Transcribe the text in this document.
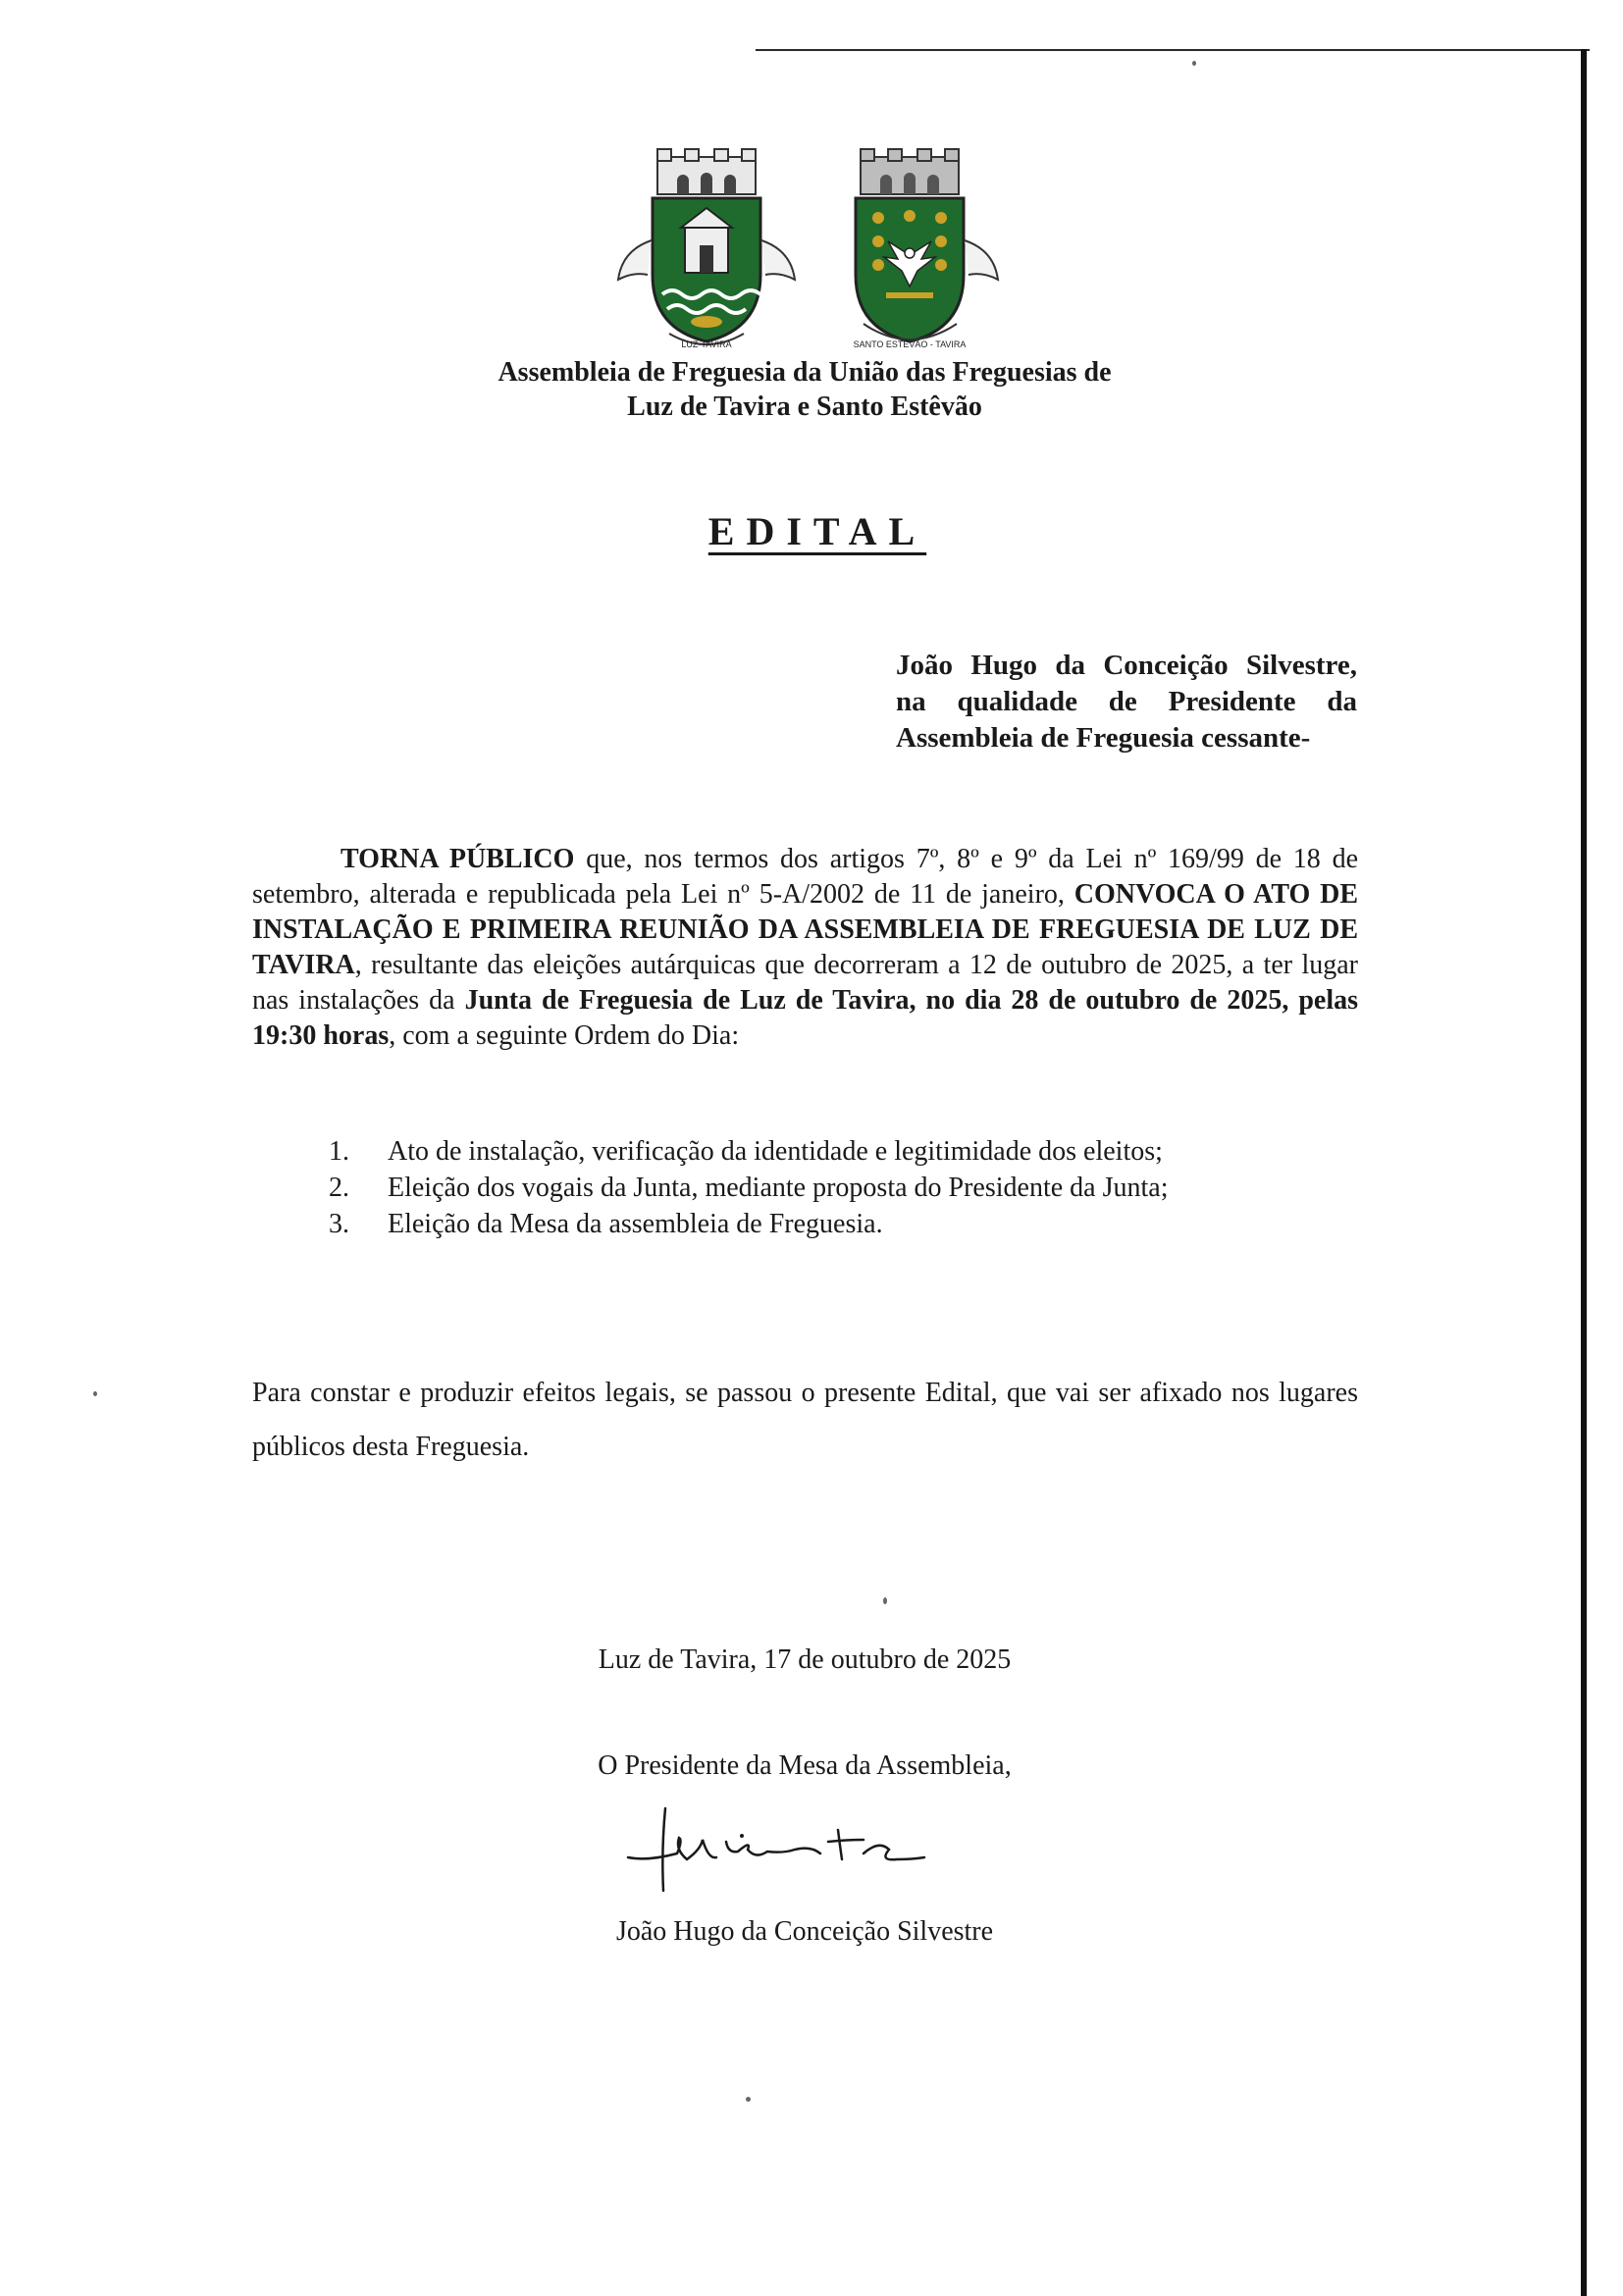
LUZ-TAVIRA	SANTO ESTÊVÃO - TAVIRA
Assembleia de Freguesia da União das Freguesias de
Luz de Tavira e Santo Estêvão
EDITAL
João Hugo da Conceição Silvestre,
na qualidade de Presidente da
Assembleia de Freguesia cessante-
TORNA PÚBLICO que, nos termos dos artigos 7º, 8º e 9º da Lei nº 169/99 de 18 de setembro, alterada e republicada pela Lei nº 5-A/2002 de 11 de janeiro, CONVOCA O ATO DE INSTALAÇÃO E PRIMEIRA REUNIÃO DA ASSEMBLEIA DE FREGUESIA DE LUZ DE TAVIRA, resultante das eleições autárquicas que decorreram a 12 de outubro de 2025, a ter lugar nas instalações da Junta de Freguesia de Luz de Tavira, no dia 28 de outubro de 2025, pelas 19:30 horas, com a seguinte Ordem do Dia:
1.	Ato de instalação, verificação da identidade e legitimidade dos eleitos;
2.	Eleição dos vogais da Junta, mediante proposta do Presidente da Junta;
3.	Eleição da Mesa da assembleia de Freguesia.
Para constar e produzir efeitos legais, se passou o presente Edital, que vai ser afixado nos lugares públicos desta Freguesia.
Luz de Tavira, 17 de outubro de 2025
O Presidente da Mesa da Assembleia,
João Hugo da Conceição Silvestre
